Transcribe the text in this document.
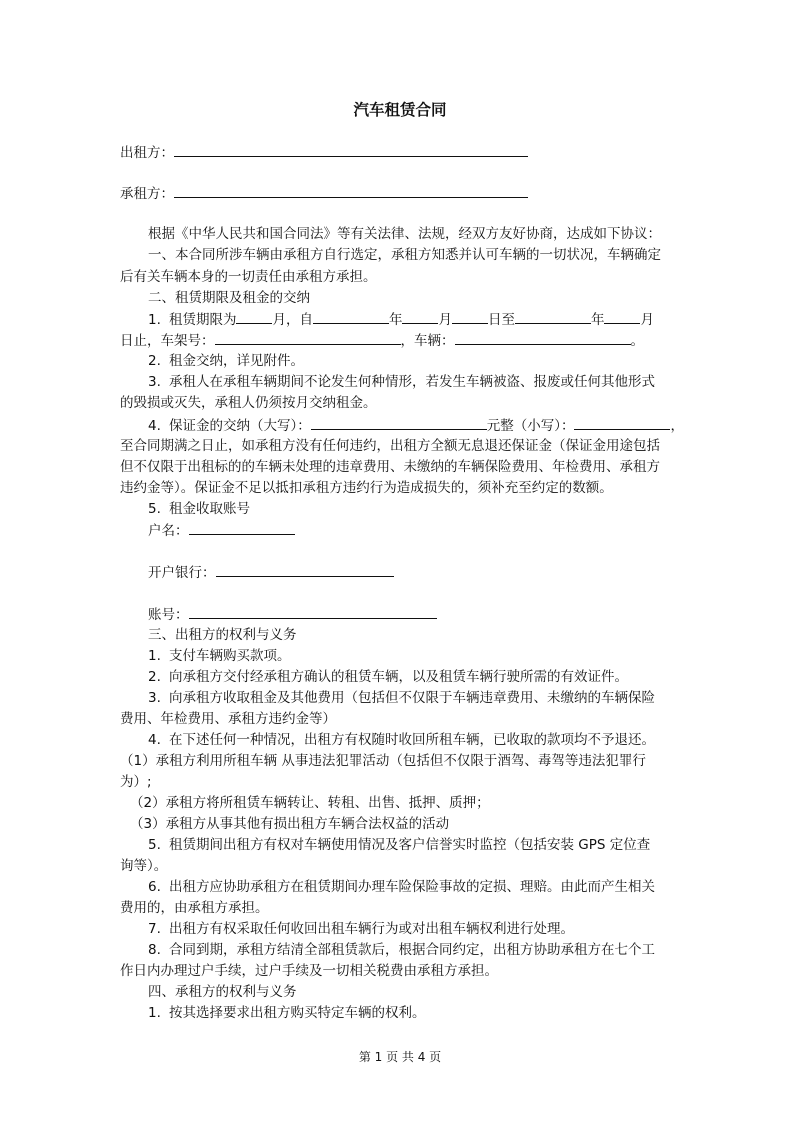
汽车租赁合同
出租方：
承租方：
根据《中华人民共和国合同法》等有关法律、法规，经双方友好协商，达成如下协议：
一、本合同所涉车辆由承租方自行选定，承租方知悉并认可车辆的一切状况，车辆确定
后有关车辆本身的一切责任由承租方承担。
二、租赁期限及租金的交纳
1. 租赁期限为	月，自	年	月	日至	年	月
日止，车架号：	，车辆：	。
2. 租金交纳，详见附件。
3. 承租人在承租车辆期间不论发生何种情形，若发生车辆被盗、报废或任何其他形式
的毁损或灭失，承租人仍须按月交纳租金。
4. 保证金的交纳（大写）：	元整（小写）：	，
至合同期满之日止，如承租方没有任何违约，出租方全额无息退还保证金（保证金用途包括
但不仅限于出租标的的车辆未处理的违章费用、未缴纳的车辆保险费用、年检费用、承租方
违约金等）。保证金不足以抵扣承租方违约行为造成损失的，须补充至约定的数额。
5. 租金收取账号
户名：
开户银行：
账号：
三、出租方的权利与义务
1. 支付车辆购买款项。
2. 向承租方交付经承租方确认的租赁车辆，以及租赁车辆行驶所需的有效证件。
3. 向承租方收取租金及其他费用（包括但不仅限于车辆违章费用、未缴纳的车辆保险
费用、年检费用、承租方违约金等）
4. 在下述任何一种情况，出租方有权随时收回所租车辆，已收取的款项均不予退还。
（1）承租方利用所租车辆 从事违法犯罪活动（包括但不仅限于酒驾、毒驾等违法犯罪行
为）;
（2）承租方将所租赁车辆转让、转租、出售、抵押、质押；
（3）承租方从事其他有损出租方车辆合法权益的活动
5. 租赁期间出租方有权对车辆使用情况及客户信誉实时监控（包括安装 GPS 定位查
询等）。
6. 出租方应协助承租方在租赁期间办理车险保险事故的定损、理赔。由此而产生相关
费用的，由承租方承担。
7. 出租方有权采取任何收回出租车辆行为或对出租车辆权利进行处理。
8. 合同到期，承租方结清全部租赁款后，根据合同约定，出租方协助承租方在七个工
作日内办理过户手续，过户手续及一切相关税费由承租方承担。
四、承租方的权利与义务
1. 按其选择要求出租方购买特定车辆的权利。
第 1 页 共 4 页
